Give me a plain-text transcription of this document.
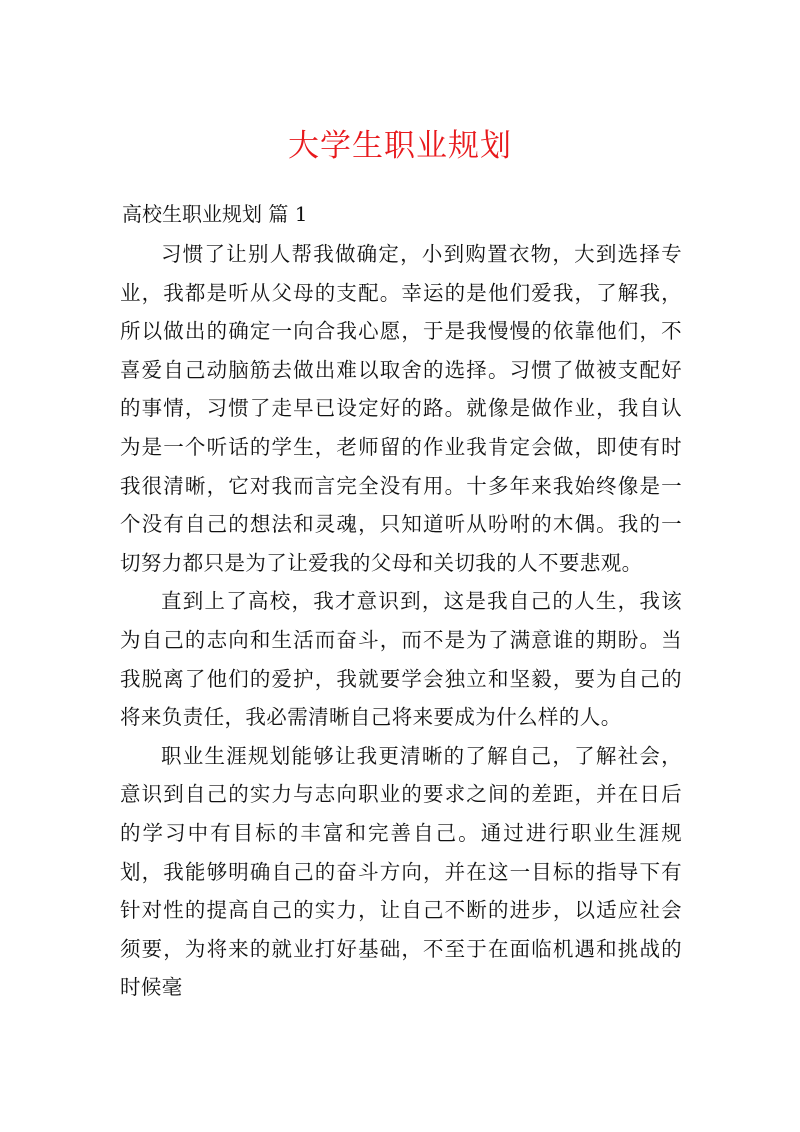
大学生职业规划

高校生职业规划 篇 1

习惯了让别人帮我做确定，小到购置衣物，大到选择专业，我都是听从父母的支配。幸运的是他们爱我，了解我，所以做出的确定一向合我心愿，于是我慢慢的依靠他们，不喜爱自己动脑筋去做出难以取舍的选择。习惯了做被支配好的事情，习惯了走早已设定好的路。就像是做作业，我自认为是一个听话的学生，老师留的作业我肯定会做，即使有时我很清晰，它对我而言完全没有用。十多年来我始终像是一个没有自己的想法和灵魂，只知道听从吩咐的木偶。我的一切努力都只是为了让爱我的父母和关切我的人不要悲观。

直到上了高校，我才意识到，这是我自己的人生，我该为自己的志向和生活而奋斗，而不是为了满意谁的期盼。当我脱离了他们的爱护，我就要学会独立和坚毅，要为自己的将来负责任，我必需清晰自己将来要成为什么样的人。

职业生涯规划能够让我更清晰的了解自己，了解社会，意识到自己的实力与志向职业的要求之间的差距，并在日后的学习中有目标的丰富和完善自己。通过进行职业生涯规划，我能够明确自己的奋斗方向，并在这一目标的指导下有针对性的提高自己的实力，让自己不断的进步，以适应社会须要，为将来的就业打好基础，不至于在面临机遇和挑战的时候毫
